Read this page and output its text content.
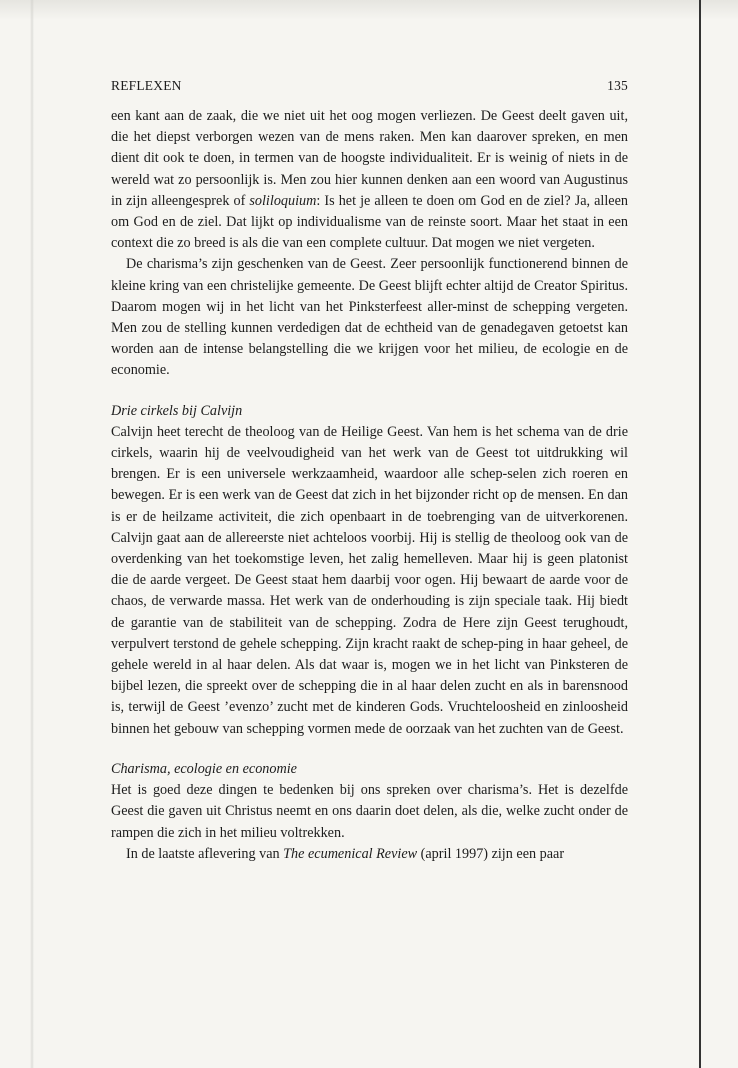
REFLEXEN	135

een kant aan de zaak, die we niet uit het oog mogen verliezen. De Geest deelt gaven uit, die het diepst verborgen wezen van de mens raken. Men kan daarover spreken, en men dient dit ook te doen, in termen van de hoogste individualiteit. Er is weinig of niets in de wereld wat zo persoonlijk is. Men zou hier kunnen denken aan een woord van Augustinus in zijn alleengesprek of soliloquium: Is het je alleen te doen om God en de ziel? Ja, alleen om God en de ziel. Dat lijkt op individualisme van de reinste soort. Maar het staat in een context die zo breed is als die van een complete cultuur. Dat mogen we niet vergeten.

De charisma’s zijn geschenken van de Geest. Zeer persoonlijk functionerend binnen de kleine kring van een christelijke gemeente. De Geest blijft echter altijd de Creator Spiritus. Daarom mogen wij in het licht van het Pinksterfeest aller-minst de schepping vergeten. Men zou de stelling kunnen verdedigen dat de echtheid van de genadegaven getoetst kan worden aan de intense belangstelling die we krijgen voor het milieu, de ecologie en de economie.

Drie cirkels bij Calvijn

Calvijn heet terecht de theoloog van de Heilige Geest. Van hem is het schema van de drie cirkels, waarin hij de veelvoudigheid van het werk van de Geest tot uitdrukking wil brengen. Er is een universele werkzaamheid, waardoor alle schep-selen zich roeren en bewegen. Er is een werk van de Geest dat zich in het bijzonder richt op de mensen. En dan is er de heilzame activiteit, die zich openbaart in de toebrenging van de uitverkorenen. Calvijn gaat aan de allereerste niet achteloos voorbij. Hij is stellig de theoloog ook van de overdenking van het toekomstige leven, het zalig hemelleven. Maar hij is geen platonist die de aarde vergeet. De Geest staat hem daarbij voor ogen. Hij bewaart de aarde voor de chaos, de verwarde massa. Het werk van de onderhouding is zijn speciale taak. Hij biedt de garantie van de stabiliteit van de schepping. Zodra de Here zijn Geest terughoudt, verpulvert terstond de gehele schepping. Zijn kracht raakt de schep-ping in haar geheel, de gehele wereld in al haar delen. Als dat waar is, mogen we in het licht van Pinksteren de bijbel lezen, die spreekt over de schepping die in al haar delen zucht en als in barensnood is, terwijl de Geest ’evenzo’ zucht met de kinderen Gods. Vruchteloosheid en zinloosheid binnen het gebouw van schepping vormen mede de oorzaak van het zuchten van de Geest.

Charisma, ecologie en economie

Het is goed deze dingen te bedenken bij ons spreken over charisma’s. Het is dezelfde Geest die gaven uit Christus neemt en ons daarin doet delen, als die, welke zucht onder de rampen die zich in het milieu voltrekken.

In de laatste aflevering van The ecumenical Review (april 1997) zijn een paar
